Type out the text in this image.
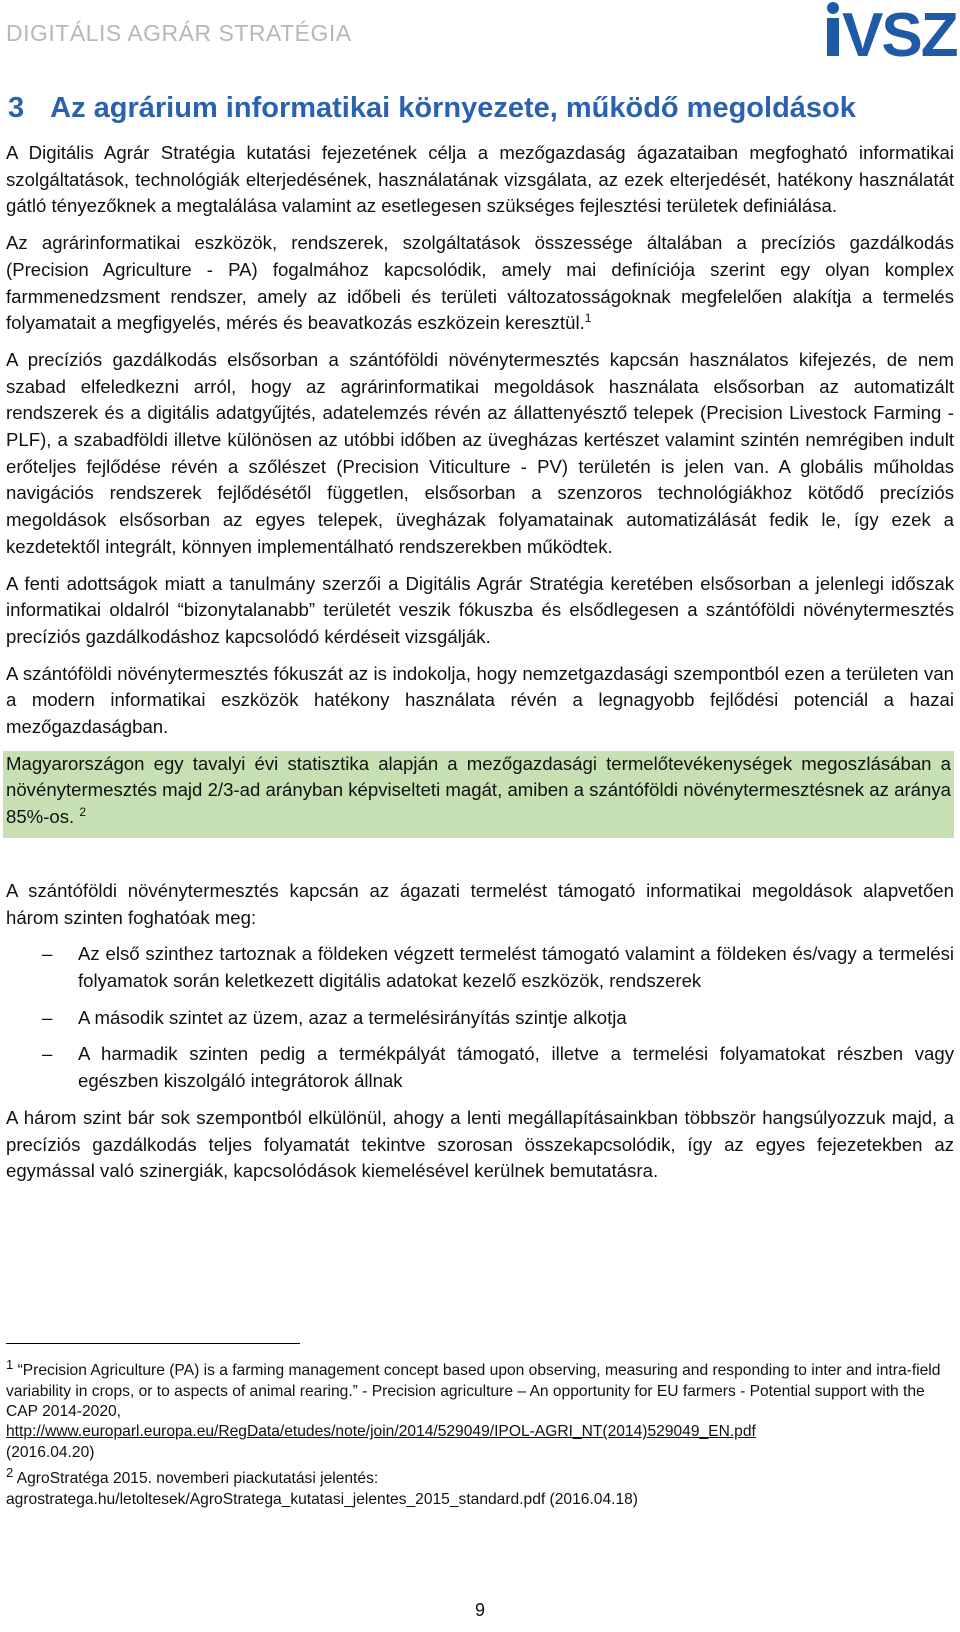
DIGITÁLIS AGRÁR STRATÉGIA	VSZ
3 Az agrárium informatikai környezete, működő megoldások

A Digitális Agrár Stratégia kutatási fejezetének célja a mezőgazdaság ágazataiban megfogható informatikai szolgáltatások, technológiák elterjedésének, használatának vizsgálata, az ezek elterjedését, hatékony használatát gátló tényezőknek a megtalálása valamint az esetlegesen szükséges fejlesztési területek definiálása.

Az agrárinformatikai eszközök, rendszerek, szolgáltatások összessége általában a precíziós gazdálkodás (Precision Agriculture - PA) fogalmához kapcsolódik, amely mai definíciója szerint egy olyan komplex farmmenedzsment rendszer, amely az időbeli és területi változatosságoknak megfelelően alakítja a termelés folyamatait a megfigyelés, mérés és beavatkozás eszközein keresztül.$^1$

A precíziós gazdálkodás elsősorban a szántóföldi növénytermesztés kapcsán használatos kifejezés, de nem szabad elfeledkezni arról, hogy az agrárinformatikai megoldások használata elsősorban az automatizált rendszerek és a digitális adatgyűjtés, adatelemzés révén az állattenyésztő telepek (Precision Livestock Farming - PLF), a szabadföldi illetve különösen az utóbbi időben az üvegházas kertészet valamint szintén nemrégiben indult erőteljes fejlődése révén a szőlészet (Precision Viticulture - PV) területén is jelen van. A globális műholdas navigációs rendszerek fejlődésétől független, elsősorban a szenzoros technológiákhoz kötődő precíziós megoldások elsősorban az egyes telepek, üvegházak folyamatainak automatizálását fedik le, így ezek a kezdetektől integrált, könnyen implementálható rendszerekben működtek.

A fenti adottságok miatt a tanulmány szerzői a Digitális Agrár Stratégia keretében elsősorban a jelenlegi időszak informatikai oldalról “bizonytalanabb” területét veszik fókuszba és elsődlegesen a szántóföldi növénytermesztés precíziós gazdálkodáshoz kapcsolódó kérdéseit vizsgálják.

A szántóföldi növénytermesztés fókuszát az is indokolja, hogy nemzetgazdasági szempontból ezen a területen van a modern informatikai eszközök hatékony használata révén a legnagyobb fejlődési potenciál a hazai mezőgazdaságban.

Magyarországon egy tavalyi évi statisztika alapján a mezőgazdasági termelőtevékenységek megoszlásában a növénytermesztés majd 2/3-ad arányban képviselteti magát, amiben a szántóföldi növénytermesztésnek az aránya 85%-os. $^2$

A szántóföldi növénytermesztés kapcsán az ágazati termelést támogató informatikai megoldások alapvetően három szinten foghatóak meg:

– Az első szinthez tartoznak a földeken végzett termelést támogató valamint a földeken és/vagy a termelési folyamatok során keletkezett digitális adatokat kezelő eszközök, rendszerek
– A második szintet az üzem, azaz a termelésirányítás szintje alkotja
– A harmadik szinten pedig a termékpályát támogató, illetve a termelési folyamatokat részben vagy egészben kiszolgáló integrátorok állnak

A három szint bár sok szempontból elkülönül, ahogy a lenti megállapításainkban többször hangsúlyozzuk majd, a precíziós gazdálkodás teljes folyamatát tekintve szorosan összekapcsolódik, így az egyes fejezetekben az egymással való szinergiák, kapcsolódások kiemelésével kerülnek bemutatásra.

$^1$ “Precision Agriculture (PA) is a farming management concept based upon observing, measuring and responding to inter and intra-field variability in crops, or to aspects of animal rearing.” - Precision agriculture – An opportunity for EU farmers - Potential support with the CAP 2014-2020,
http://www.europarl.europa.eu/RegData/etudes/note/join/2014/529049/IPOL-AGRI_NT(2014)529049_EN.pdf
(2016.04.20)
$^2$ AgroStratéga 2015. novemberi piackutatási jelentés:
agrostratega.hu/letoltesek/AgroStratega_kutatasi_jelentes_2015_standard.pdf (2016.04.18)
9
